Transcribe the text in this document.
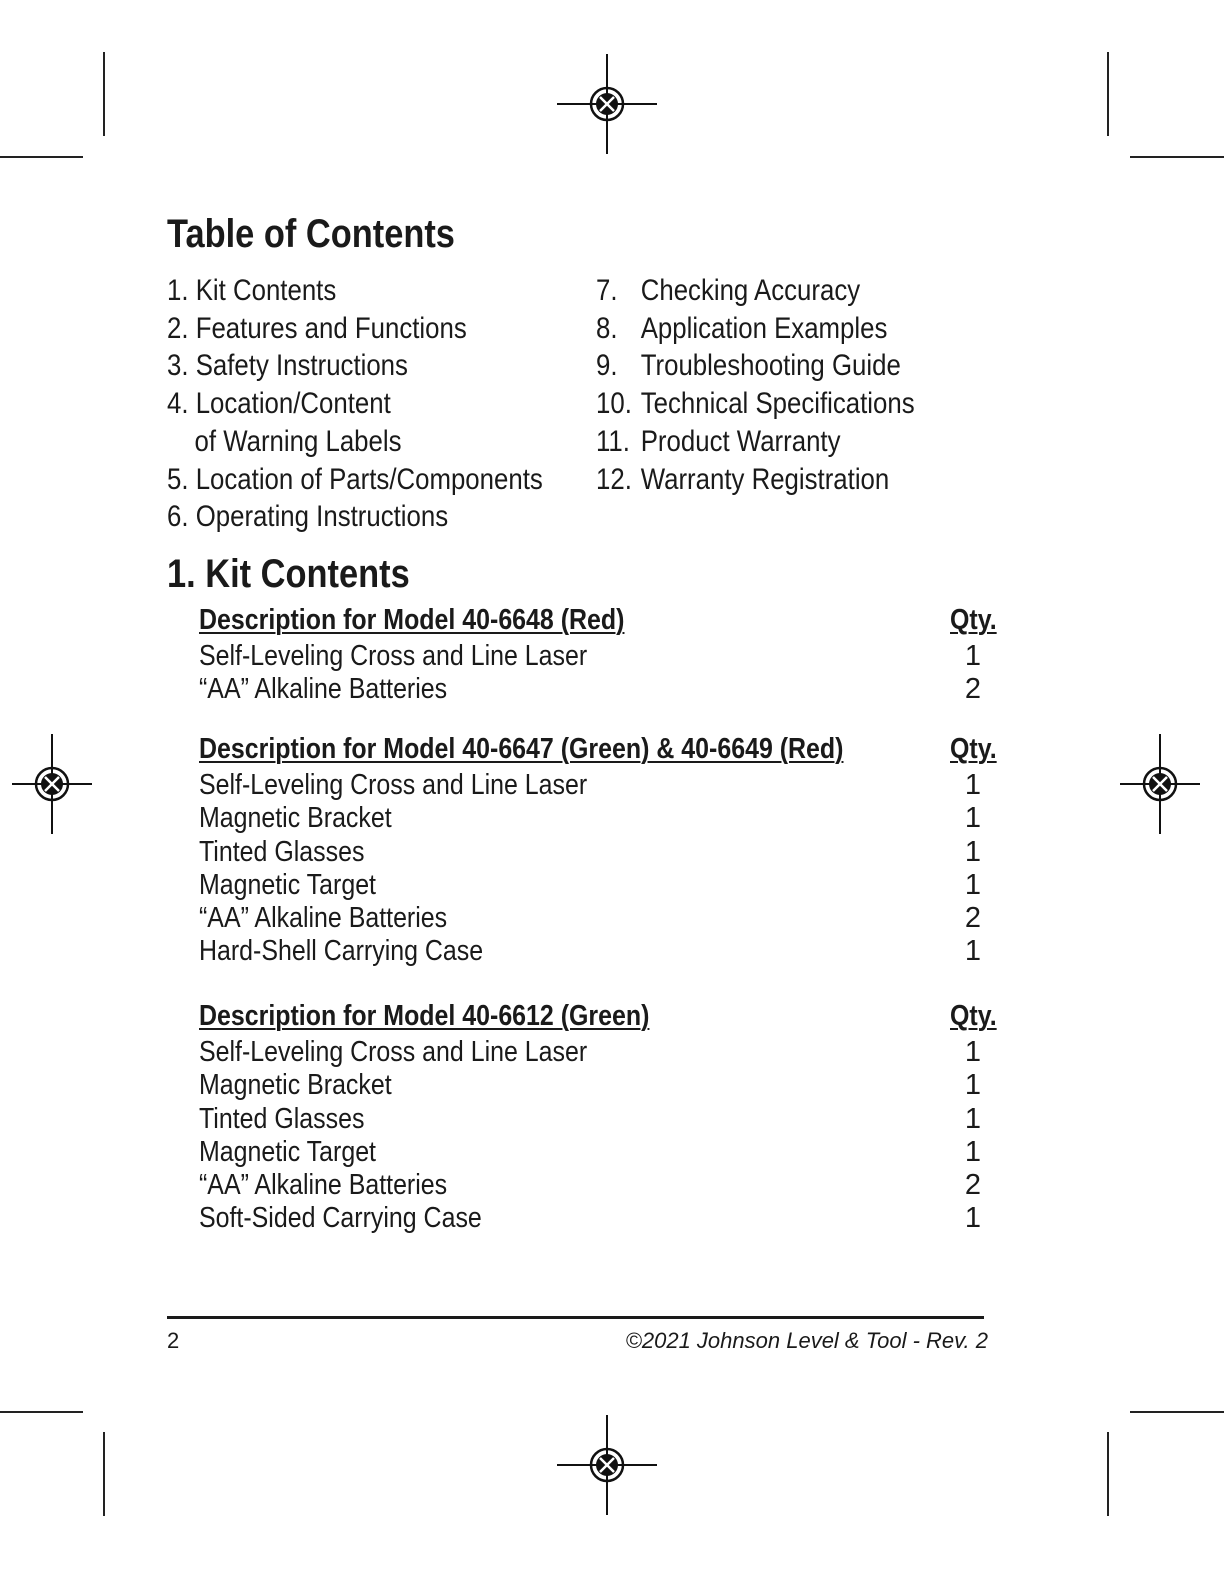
Table of Contents
1. Kit Contents
2. Features and Functions
3. Safety Instructions
4. Location/Content
of Warning Labels
5. Location of Parts/Components
6. Operating Instructions
7. Checking Accuracy
8. Application Examples
9. Troubleshooting Guide
10. Technical Specifications
11. Product Warranty
12. Warranty Registration
1. Kit Contents
Description for Model 40-6648 (Red)	Qty.
Self-Leveling Cross and Line Laser	1
“AA” Alkaline Batteries	2
Description for Model 40-6647 (Green) & 40-6649 (Red)	Qty.
Self-Leveling Cross and Line Laser	1
Magnetic Bracket	1
Tinted Glasses	1
Magnetic Target	1
“AA” Alkaline Batteries	2
Hard-Shell Carrying Case	1
Description for Model 40-6612 (Green)	Qty.
Self-Leveling Cross and Line Laser	1
Magnetic Bracket	1
Tinted Glasses	1
Magnetic Target	1
“AA” Alkaline Batteries	2
Soft-Sided Carrying Case	1
2	©2021 Johnson Level & Tool - Rev. 2
